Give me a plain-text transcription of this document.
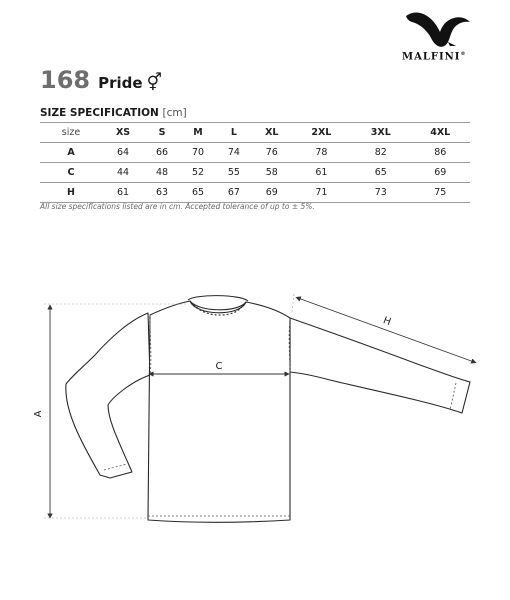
MALFINI®
168 Pride ⚥
SIZE SPECIFICATION [cm]
size	XS	S	M	L	XL	2XL	3XL	4XL
A	64	66	70	74	76	78	82	86
C	44	48	52	55	58	61	65	69
H	61	63	65	67	69	71	73	75
All size specifications listed are in cm. Accepted tolerance of up to ± 5%.
A
C
H
